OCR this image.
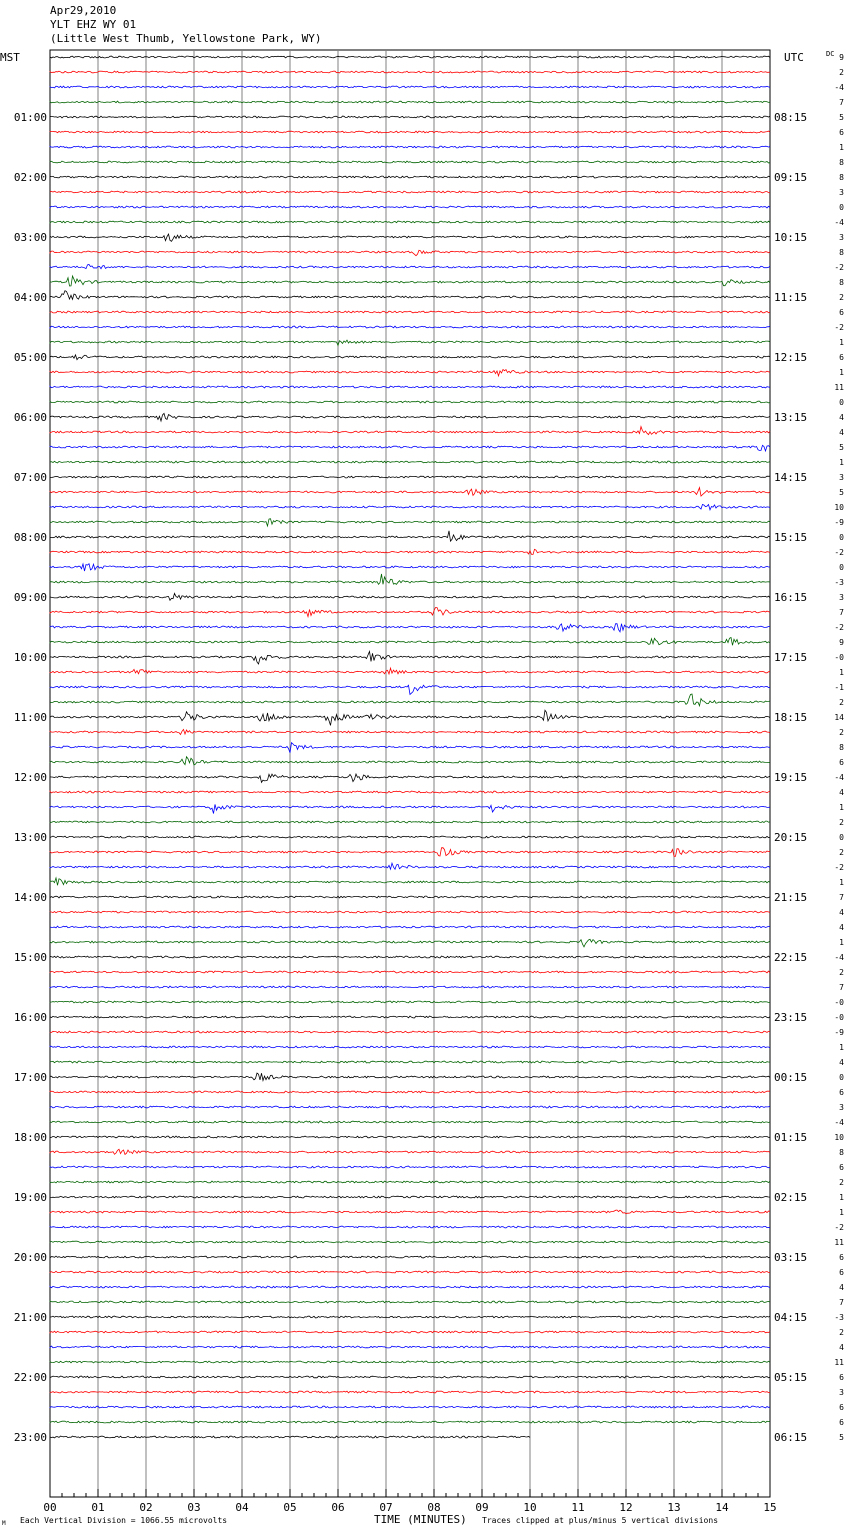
Apr29,2010
YLT EHZ WY 01
(Little West Thumb, Yellowstone Park, WY)
9
2
-4
7
5
6
1
8
8
3
0
-4
3
8
-2
8
2
6
-2
1
6
1
11
0
4
4
5
1
3
5
10
-9
0
-2
0
-3
3
7
-2
9
-0
1
-1
2
14
2
8
6
-4
4
1
2
0
2
-2
1
7
4
4
1
-4
2
7
-0
-0
-9
1
4
0
6
3
-4
10
8
6
2
1
1
-2
11
6
6
4
7
-3
2
4
11
6
3
6
6
5
MST	UTC	DC
01:00
02:00
03:00
04:00
05:00
06:00
07:00
08:00
09:00
10:00
11:00
12:00
13:00
14:00
15:00
16:00
17:00
18:00
19:00
20:00
21:00
22:00
23:00
08:15
09:15
10:15
11:15
12:15
13:15
14:15
15:15
16:15
17:15
18:15
19:15
20:15
21:15
22:15
23:15
00:15
01:15
02:15
03:15
04:15
05:15
06:15
00	01	02	03	04	05	06	07	08	09	10	11	12	13	14	15
M Each Vertical Division = 1066.55 microvolts	TIME (MINUTES) Traces clipped at plus/minus 5 vertical divisions
